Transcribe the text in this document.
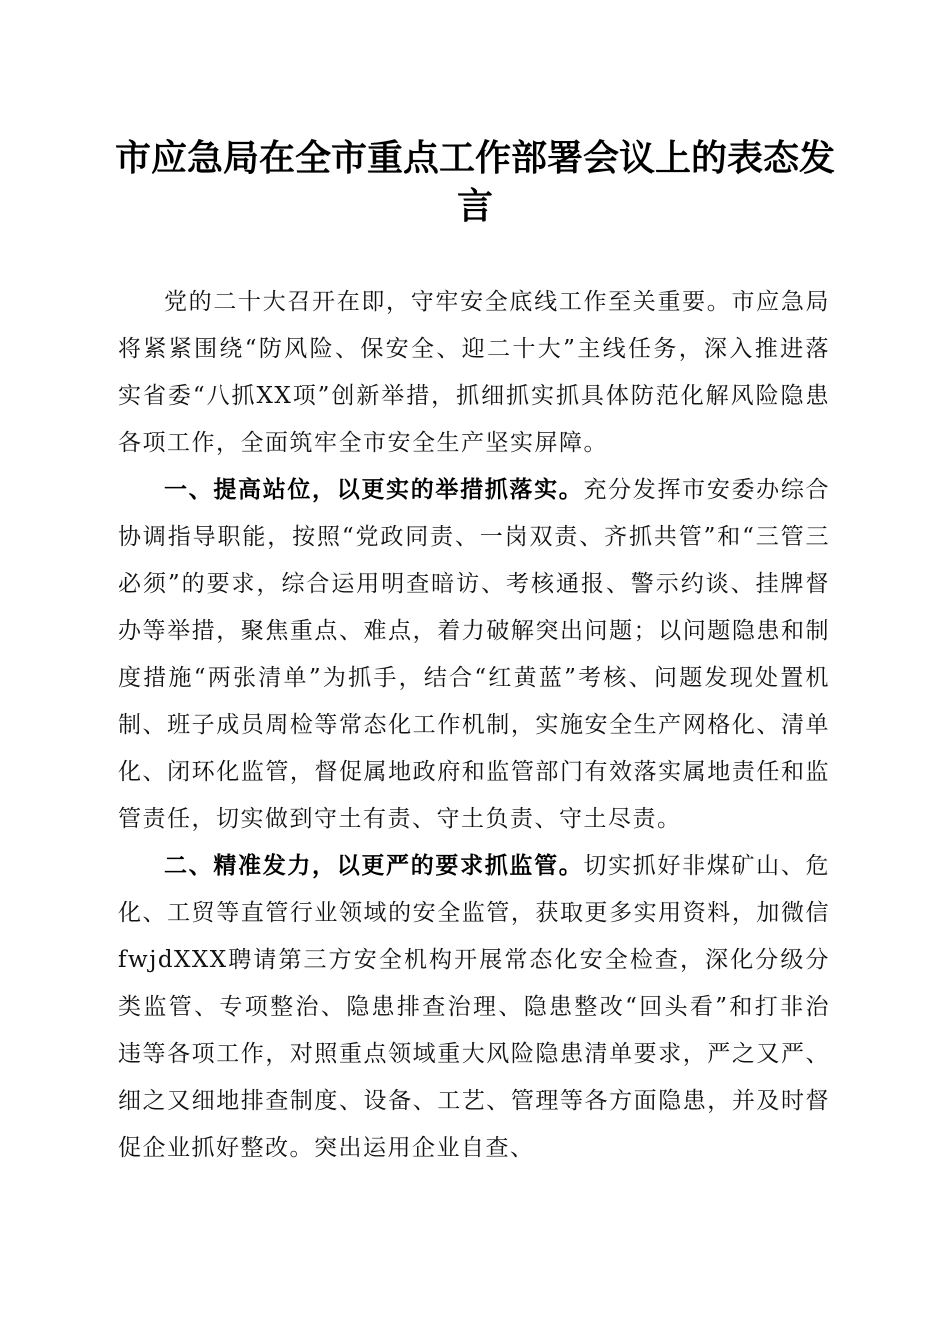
市应急局在全市重点工作部署会议上的表态发言

党的二十大召开在即，守牢安全底线工作至关重要。市应急局将紧紧围绕“防风险、保安全、迎二十大”主线任务，深入推进落实省委“八抓XX项”创新举措，抓细抓实抓具体防范化解风险隐患各项工作，全面筑牢全市安全生产坚实屏障。

一、提高站位，以更实的举措抓落实。充分发挥市安委办综合协调指导职能，按照“党政同责、一岗双责、齐抓共管”和“三管三必须”的要求，综合运用明查暗访、考核通报、警示约谈、挂牌督办等举措，聚焦重点、难点，着力破解突出问题；以问题隐患和制度措施“两张清单”为抓手，结合“红黄蓝”考核、问题发现处置机制、班子成员周检等常态化工作机制，实施安全生产网格化、清单化、闭环化监管，督促属地政府和监管部门有效落实属地责任和监管责任，切实做到守土有责、守土负责、守土尽责。

二、精准发力，以更严的要求抓监管。切实抓好非煤矿山、危化、工贸等直管行业领域的安全监管，获取更多实用资料，加微信fwjdXXX聘请第三方安全机构开展常态化安全检查，深化分级分类监管、专项整治、隐患排查治理、隐患整改“回头看”和打非治违等各项工作，对照重点领域重大风险隐患清单要求，严之又严、细之又细地排查制度、设备、工艺、管理等各方面隐患，并及时督促企业抓好整改。突出运用企业自查、
